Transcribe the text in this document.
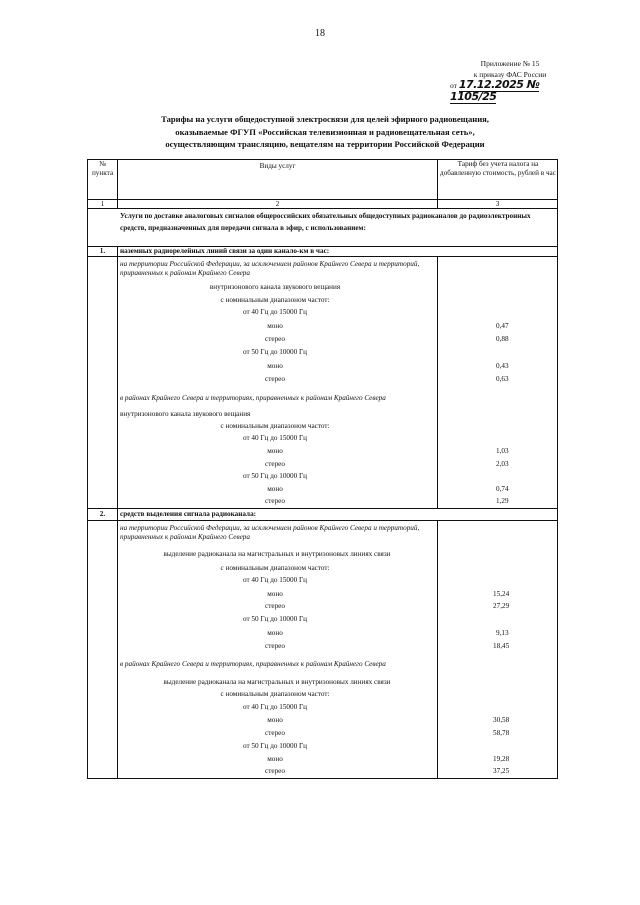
18
Приложение № 15
к приказу ФАС России
от 17.12.2025 № 1105/25
Тарифы на услуги общедоступной электросвязи для целей эфирного радиовещания,
оказываемые ФГУП «Российская телевизионная и радиовещательная сеть»,
осуществляющим трансляцию, вещателям на территории Российской Федерации
№ пункта
Виды услуг	Тариф без учета налога на добавленную стоимость, рублей в час
1	2	3
Услуги по доставке аналоговых сигналов общероссийских обязательных общедоступных радиоканалов до радиоэлектронных средств, предназначенных для передачи сигнала в эфир, с использованием:
1.	наземных радиорелейных линий связи за один канало-км в час:
на территории Российской Федерации, за исключением районов Крайнего Севера и территорий, приравненных к районам Крайнего Севера
внутризонового канала звукового вещания
с номинальным диапазоном частот:
от 40 Гц до 15000 Гц
моно	0,47
стерео	0,88
от 50 Гц до 10000 Гц
моно	0,43
стерео	0,63
в районах Крайнего Севера и территориях, приравненных к районам Крайнего Севера
внутризонового канала звукового вещания
с номинальным диапазоном частот:
от 40 Гц до 15000 Гц
моно	1,03
стерео	2,03
от 50 Гц до 10000 Гц
моно	0,74
стерео	1,29
2.	средств выделения сигнала радиоканала:
на территории Российской Федерации, за исключением районов Крайнего Севера и территорий, приравненных к районам Крайнего Севера
выделение радиоканала на магистральных и внутризоновых линиях связи
с номинальным диапазоном частот:
от 40 Гц до 15000 Гц
моно	15,24
стерео	27,29
от 50 Гц до 10000 Гц
моно	9,13
стерео	18,45
в районах Крайнего Севера и территориях, приравненных к районам Крайнего Севера
выделение радиоканала на магистральных и внутризоновых линиях связи
с номинальным диапазоном частот:
от 40 Гц до 15000 Гц
моно	30,58
стерео	58,78
от 50 Гц до 10000 Гц
моно	19,28
стерео	37,25
